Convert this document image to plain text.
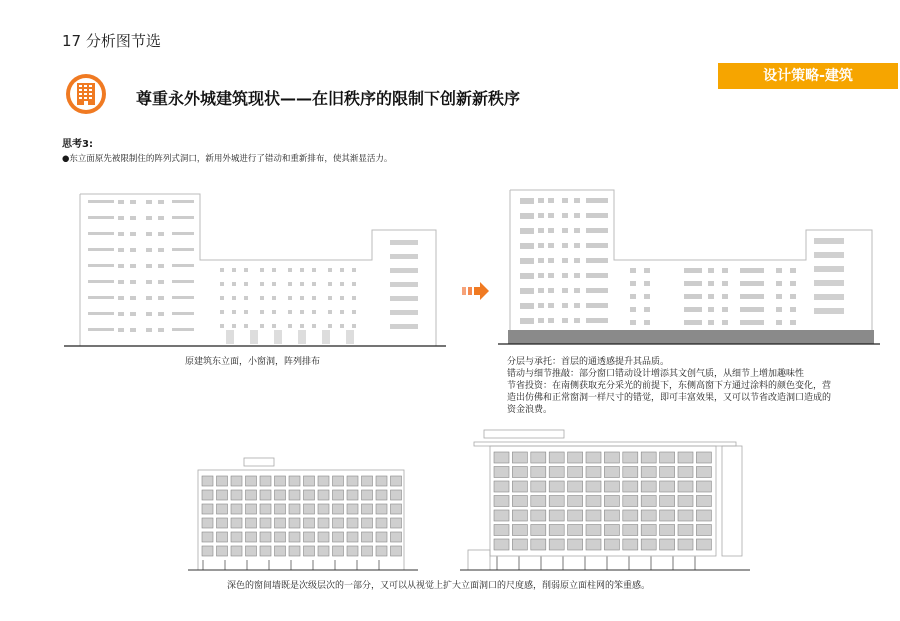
17 分析图节选
设计策略-建筑
尊重永外城建筑现状——在旧秩序的限制下创新新秩序
思考3:
●东立面原先被限制住的阵列式洞口，新用外城进行了错动和重新排布，使其渐显活力。
原建筑东立面，小窗洞，阵列排布	分层与承托：首层的通透感提升其品质。
错动与细节推敲：部分窗口错动设计增添其文创气质，从细节上增加趣味性
节省投资：在南侧获取充分采光的前提下，东侧高窗下方通过涂料的颜色变化，营
造出仿佛和正常窗洞一样尺寸的错觉，即可丰富效果，又可以节省改造洞口造成的
资金浪费。
深色的窗间墙既是次级层次的一部分，又可以从视觉上扩大立面洞口的尺度感，削弱原立面柱网的笨重感。
